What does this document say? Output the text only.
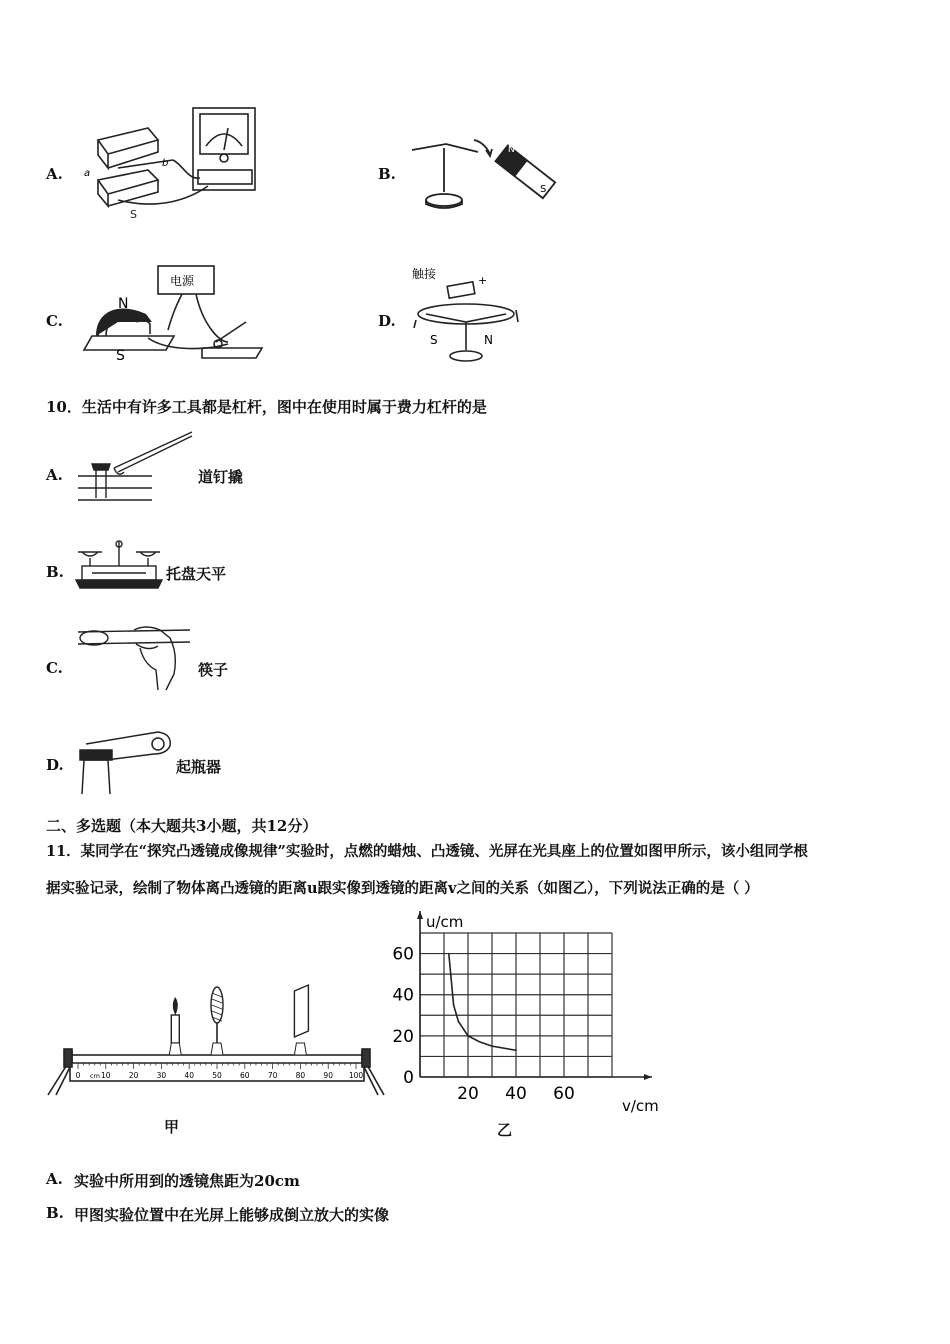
A. a
b
S
B.
S
N
C.
电源
N
S
D.
触接	+
S	N
10．生活中有许多工具都是杠杆，图中在使用时属于费力杠杆的是
A.	道钉撬
B.	托盘天平
C.	筷子
D.	起瓶器
二、多选题（本大题共3小题，共12分）
11．某同学在“探究凸透镜成像规律”实验时，点燃的蜡烛、凸透镜、光屏在光具座上的位置如图甲所示，该小组同学根
据实验记录，绘制了物体离凸透镜的距离u跟实像到透镜的距离v之间的关系（如图乙），下列说法正确的是（ ）
0	10 20 30 40 50 60 70 80 90 100
cm
甲
0
20
40
60
20 40 60
u/cm
v/cm
乙
A. 实验中所用到的透镜焦距为20cm
B. 甲图实验位置中在光屏上能够成倒立放大的实像
